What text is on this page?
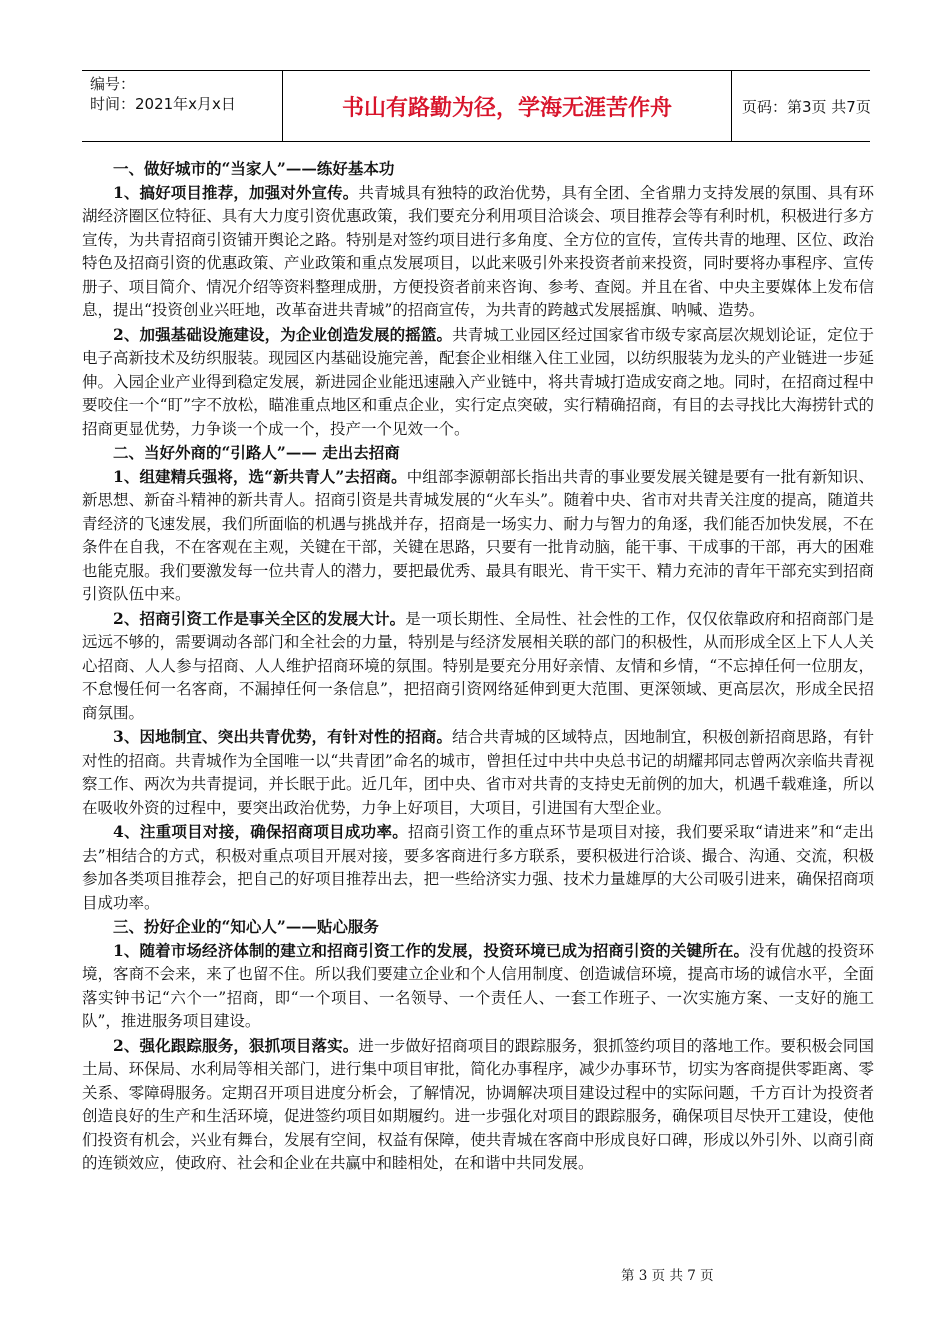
编号：
时间：2021年x月x日	书山有路勤为径，学海无涯苦作舟	页码：第3页 共7页

一、做好城市的“当家人”——练好基本功

1、搞好项目推荐，加强对外宣传。共青城具有独特的政治优势，具有全团、全省鼎力支持发展的氛围、具有环湖经济圈区位特征、具有大力度引资优惠政策，我们要充分利用项目洽谈会、项目推荐会等有利时机，积极进行多方宣传，为共青招商引资铺开舆论之路。特别是对签约项目进行多角度、全方位的宣传，宣传共青的地理、区位、政治特色及招商引资的优惠政策、产业政策和重点发展项目，以此来吸引外来投资者前来投资，同时要将办事程序、宣传册子、项目简介、情况介绍等资料整理成册，方便投资者前来咨询、参考、查阅。并且在省、中央主要媒体上发布信息，提出“投资创业兴旺地，改革奋进共青城”的招商宣传，为共青的跨越式发展摇旗、呐喊、造势。

2、加强基础设施建设，为企业创造发展的摇篮。共青城工业园区经过国家省市级专家高层次规划论证，定位于电子高新技术及纺织服装。现园区内基础设施完善，配套企业相继入住工业园，以纺织服装为龙头的产业链进一步延伸。入园企业产业得到稳定发展，新进园企业能迅速融入产业链中，将共青城打造成安商之地。同时，在招商过程中要咬住一个“盯”字不放松，瞄准重点地区和重点企业，实行定点突破，实行精确招商，有目的去寻找比大海捞针式的招商更显优势，力争谈一个成一个，投产一个见效一个。

二、当好外商的“引路人”—— 走出去招商

1、组建精兵强将，选“新共青人”去招商。中组部李源朝部长指出共青的事业要发展关键是要有一批有新知识、新思想、新奋斗精神的新共青人。招商引资是共青城发展的“火车头”。随着中央、省市对共青关注度的提高，随道共青经济的飞速发展，我们所面临的机遇与挑战并存，招商是一场实力、耐力与智力的角逐，我们能否加快发展，不在条件在自我，不在客观在主观，关键在干部，关键在思路，只要有一批肯动脑，能干事、干成事的干部，再大的困难也能克服。我们要激发每一位共青人的潜力，要把最优秀、最具有眼光、肯干实干、精力充沛的青年干部充实到招商引资队伍中来。

2、招商引资工作是事关全区的发展大计。是一项长期性、全局性、社会性的工作，仅仅依靠政府和招商部门是远远不够的，需要调动各部门和全社会的力量，特别是与经济发展相关联的部门的积极性，从而形成全区上下人人关心招商、人人参与招商、人人维护招商环境的氛围。特别是要充分用好亲情、友情和乡情，“不忘掉任何一位朋友，不怠慢任何一名客商，不漏掉任何一条信息”，把招商引资网络延伸到更大范围、更深领域、更高层次，形成全民招商氛围。

3、因地制宜、突出共青优势，有针对性的招商。结合共青城的区域特点，因地制宜，积极创新招商思路，有针对性的招商。共青城作为全国唯一以“共青团”命名的城市，曾担任过中共中央总书记的胡耀邦同志曾两次亲临共青视察工作、两次为共青提词，并长眠于此。近几年，团中央、省市对共青的支持史无前例的加大，机遇千载难逢，所以在吸收外资的过程中，要突出政治优势，力争上好项目，大项目，引进国有大型企业。

4、注重项目对接，确保招商项目成功率。招商引资工作的重点环节是项目对接，我们要采取“请进来”和“走出去”相结合的方式，积极对重点项目开展对接，要多客商进行多方联系，要积极进行洽谈、撮合、沟通、交流，积极参加各类项目推荐会，把自己的好项目推荐出去，把一些给济实力强、技术力量雄厚的大公司吸引进来，确保招商项目成功率。

三、扮好企业的“知心人”——贴心服务

1、随着市场经济体制的建立和招商引资工作的发展，投资环境已成为招商引资的关键所在。没有优越的投资环境，客商不会来，来了也留不住。所以我们要建立企业和个人信用制度、创造诚信环境，提高市场的诚信水平，全面落实钟书记“六个一”招商，即“一个项目、一名领导、一个责任人、一套工作班子、一次实施方案、一支好的施工队”，推进服务项目建设。

2、强化跟踪服务，狠抓项目落实。进一步做好招商项目的跟踪服务，狠抓签约项目的落地工作。要积极会同国土局、环保局、水利局等相关部门，进行集中项目审批，简化办事程序，减少办事环节，切实为客商提供零距离、零关系、零障碍服务。定期召开项目进度分析会，了解情况，协调解决项目建设过程中的实际问题，千方百计为投资者创造良好的生产和生活环境，促进签约项目如期履约。进一步强化对项目的跟踪服务，确保项目尽快开工建设，使他们投资有机会，兴业有舞台，发展有空间，权益有保障，使共青城在客商中形成良好口碑，形成以外引外、以商引商的连锁效应，使政府、社会和企业在共赢中和睦相处，在和谐中共同发展。

第 3 页 共 7 页
